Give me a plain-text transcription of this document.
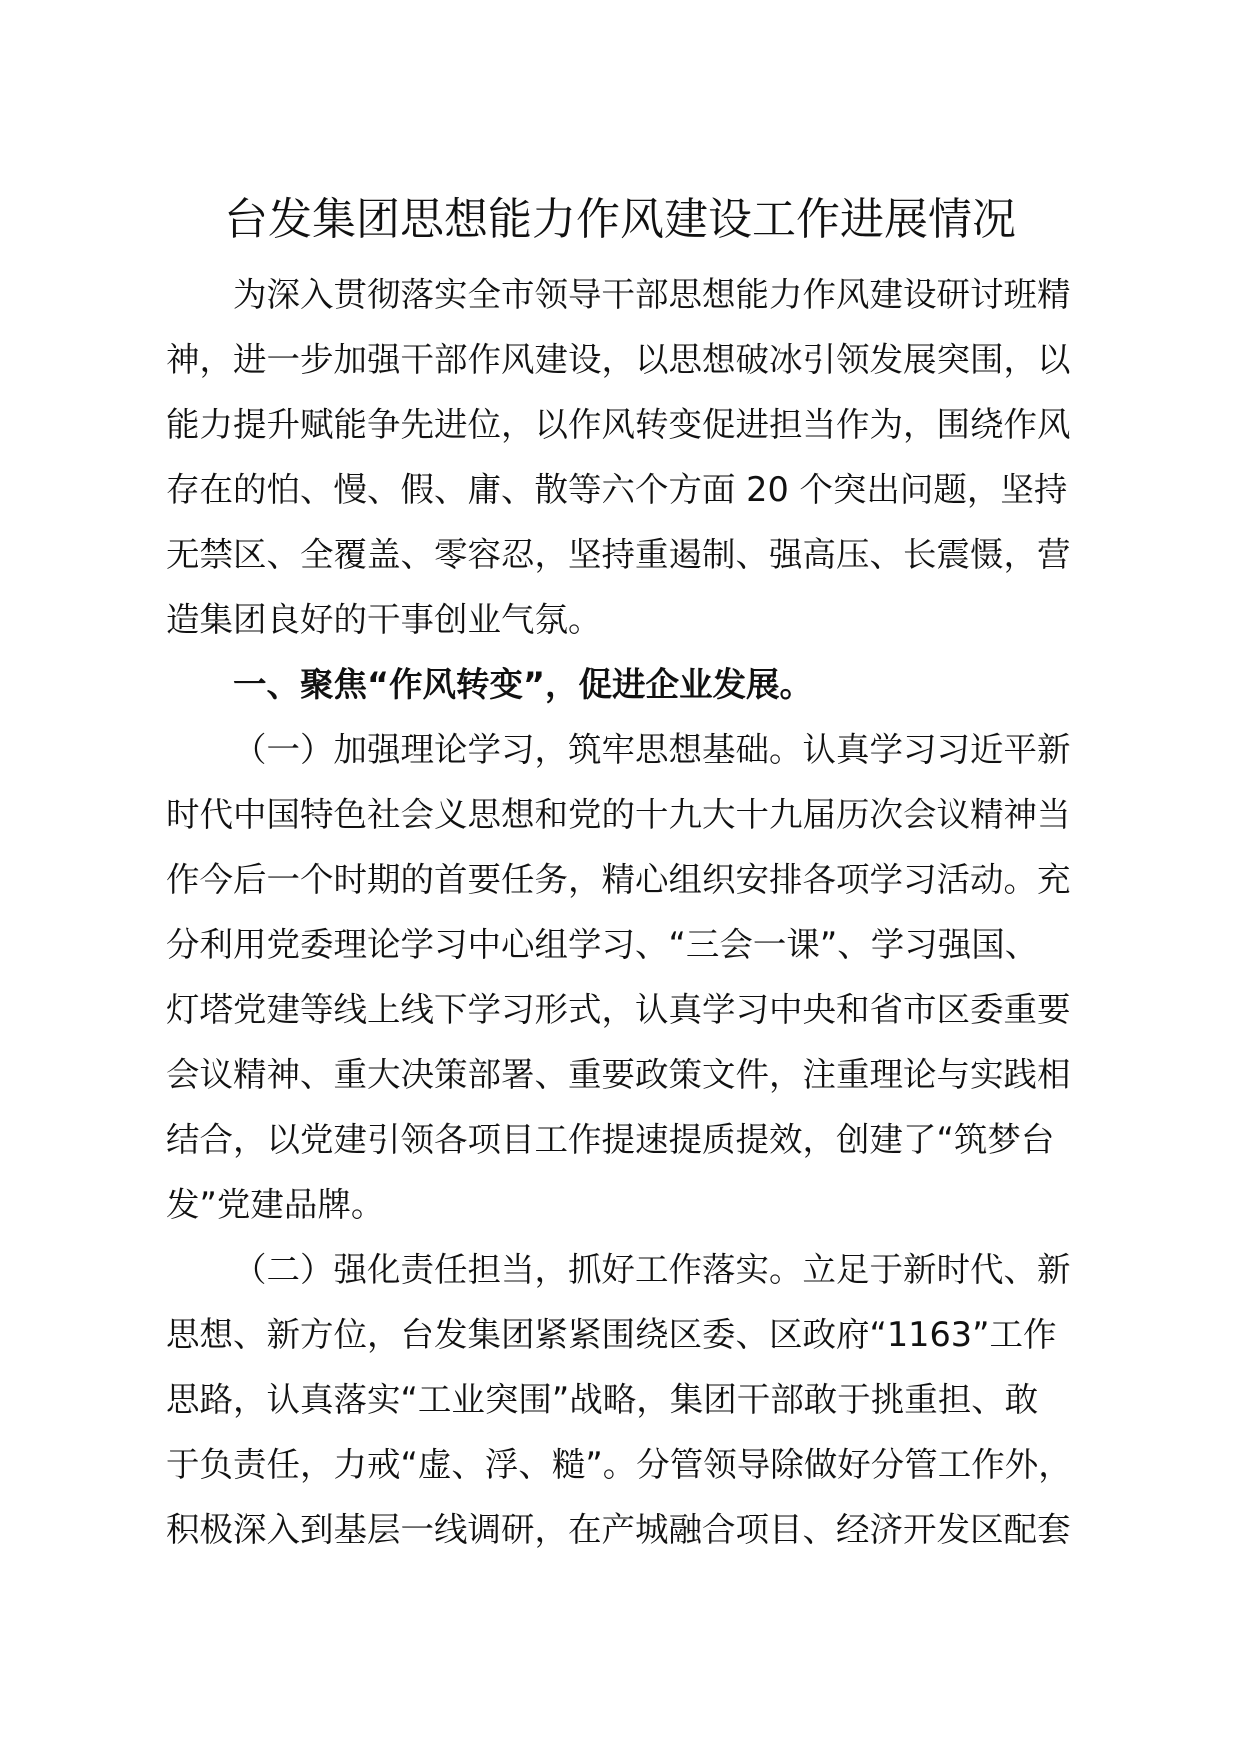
台发集团思想能力作风建设工作进展情况
为深入贯彻落实全市领导干部思想能力作风建设研讨班精
神，进一步加强干部作风建设，以思想破冰引领发展突围，以
能力提升赋能争先进位，以作风转变促进担当作为，围绕作风
存在的怕、慢、假、庸、散等六个方面 20 个突出问题，坚持
无禁区、全覆盖、零容忍，坚持重遏制、强高压、长震慑，营
造集团良好的干事创业气氛。
一、聚焦“作风转变”，促进企业发展。
（一）加强理论学习，筑牢思想基础。认真学习习近平新
时代中国特色社会义思想和党的十九大十九届历次会议精神当
作今后一个时期的首要任务，精心组织安排各项学习活动。充
分利用党委理论学习中心组学习、“三会一课”、学习强国、
灯塔党建等线上线下学习形式，认真学习中央和省市区委重要
会议精神、重大决策部署、重要政策文件，注重理论与实践相
结合，以党建引领各项目工作提速提质提效，创建了“筑梦台
发”党建品牌。
（二）强化责任担当，抓好工作落实。立足于新时代、新
思想、新方位，台发集团紧紧围绕区委、区政府“1163”工作
思路，认真落实“工业突围”战略，集团干部敢于挑重担、敢
于负责任，力戒“虚、浮、糙”。分管领导除做好分管工作外，
积极深入到基层一线调研，在产城融合项目、经济开发区配套
